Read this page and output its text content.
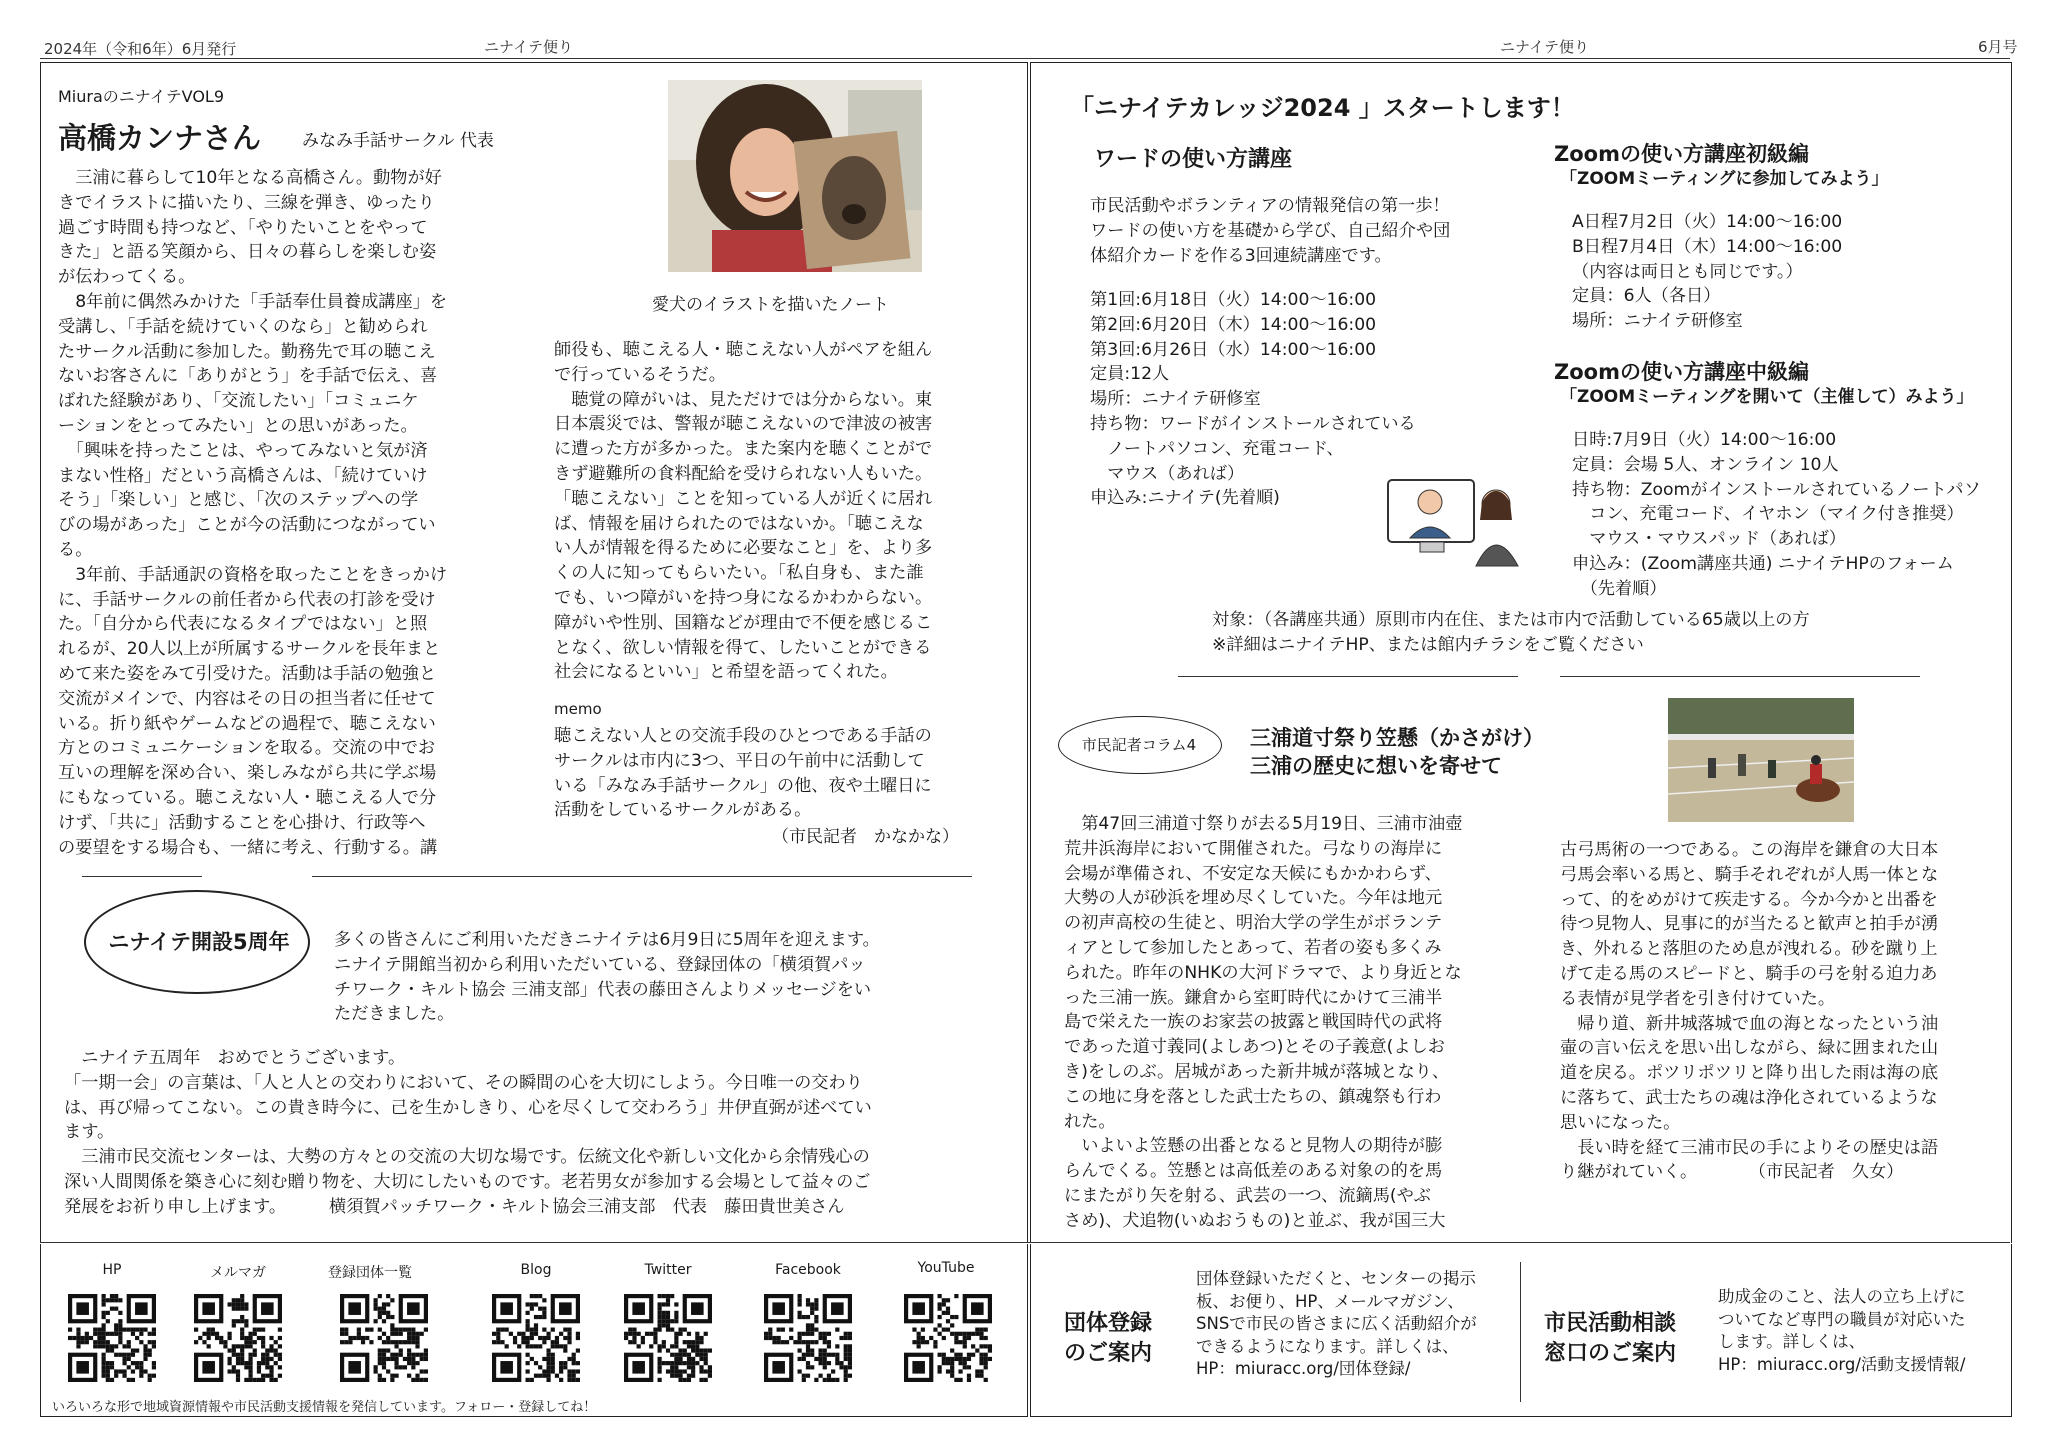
2024年（令和6年）6月発行	ニナイテ便り	ニナイテ便り	6月号
MiuraのニナイテVOL9
高橋カンナさん みなみ手話サークル 代表
愛犬のイラストを描いたノート

　三浦に暮らして10年となる高橋さん。動物が好
きでイラストに描いたり、三線を弾き、ゆったり
過ごす時間も持つなど、「やりたいことをやって
きた」と語る笑顔から、日々の暮らしを楽しむ姿
が伝わってくる。
　8年前に偶然みかけた「手話奉仕員養成講座」を
受講し、「手話を続けていくのなら」と勧められ
たサークル活動に参加した。勤務先で耳の聴こえ
ないお客さんに「ありがとう」を手話で伝え、喜
ばれた経験があり、「交流したい」「コミュニケ
ーションをとってみたい」との思いがあった。
　「興味を持ったことは、やってみないと気が済
まない性格」だという高橋さんは、「続けていけ
そう」「楽しい」と感じ、「次のステップへの学
びの場があった」ことが今の活動につながってい
る。
　3年前、手話通訳の資格を取ったことをきっかけ
に、手話サークルの前任者から代表の打診を受け
た。「自分から代表になるタイプではない」と照
れるが、20人以上が所属するサークルを長年まと
めて来た姿をみて引受けた。活動は手話の勉強と
交流がメインで、内容はその日の担当者に任せて
いる。折り紙やゲームなどの過程で、聴こえない
方とのコミュニケーションを取る。交流の中でお
互いの理解を深め合い、楽しみながら共に学ぶ場
にもなっている。聴こえない人・聴こえる人で分
けず、「共に」活動することを心掛け、行政等へ
の要望をする場合も、一緒に考え、行動する。講

師役も、聴こえる人・聴こえない人がペアを組ん
で行っているそうだ。
　聴覚の障がいは、見ただけでは分からない。東
日本震災では、警報が聴こえないので津波の被害
に遭った方が多かった。また案内を聴くことがで
きず避難所の食料配給を受けられない人もいた。
「聴こえない」ことを知っている人が近くに居れ
ば、情報を届けられたのではないか。「聴こえな
い人が情報を得るために必要なこと」を、より多
くの人に知ってもらいたい。「私自身も、また誰
でも、いつ障がいを持つ身になるかわからない。
障がいや性別、国籍などが理由で不便を感じるこ
となく、欲しい情報を得て、したいことができる
社会になるといい」と希望を語ってくれた。

memo

聴こえない人との交流手段のひとつである手話の
サークルは市内に3つ、平日の午前中に活動して
いる「みなみ手話サークル」の他、夜や土曜日に
活動をしているサークルがある。

（市民記者　かなかな）
ニナイテ開設5周年	多くの皆さんにご利用いただきニナイテは6月9日に5周年を迎えます。
ニナイテ開館当初から利用いただいている、登録団体の「横須賀パッ
チワーク・キルト協会 三浦支部」代表の藤田さんよりメッセージをい
ただきました。

　ニナイテ五周年　おめでとうございます。
「一期一会」の言葉は、「人と人との交わりにおいて、その瞬間の心を大切にしよう。今日唯一の交わり
は、再び帰ってこない。この貴き時今に、己を生かしきり、心を尽くして交わろう」井伊直弼が述べてい
ます。
　三浦市民交流センターは、大勢の方々との交流の大切な場です。伝統文化や新しい文化から余情残心の
深い人間関係を築き心に刻む贈り物を、大切にしたいものです。老若男女が参加する会場として益々のご
発展をお祈り申し上げます。　　　横須賀パッチワーク・キルト協会三浦支部　代表　藤田貴世美さん

「ニナイテカレッジ2024 」スタートします！
ワードの使い方講座

市民活動やボランティアの情報発信の第一歩！
ワードの使い方を基礎から学び、自己紹介や団
体紹介カードを作る3回連続講座です。

第1回:6月18日（火）14:00～16:00
第2回:6月20日（木）14:00～16:00
第3回:6月26日（水）14:00～16:00
定員:12人
場所：ニナイテ研修室
持ち物：ワードがインストールされている
　ノートパソコン、充電コード、
　マウス（あれば）
申込み:ニナイテ(先着順)

Zoomの使い方講座初級編
「ZOOMミーティングに参加してみよう」

A日程7月2日（火）14:00～16:00
B日程7月4日（木）14:00～16:00
（内容は両日とも同じです。）
定員：6人（各日）
場所：ニナイテ研修室

Zoomの使い方講座中級編
「ZOOMミーティングを開いて（主催して）みよう」

日時:7月9日（火）14:00～16:00
定員：会場 5人、オンライン 10人
持ち物：Zoomがインストールされているノートパソ
　コン、充電コード、イヤホン（マイク付き推奨）
　マウス・マウスパッド（あれば）
申込み：(Zoom講座共通) ニナイテHPのフォーム
　（先着順）

対象：（各講座共通）原則市内在住、または市内で活動している65歳以上の方
※詳細はニナイテHP、または館内チラシをご覧ください

市民記者コラム4	三浦道寸祭り笠懸（かさがけ）
三浦の歴史に想いを寄せて

　第47回三浦道寸祭りが去る5月19日、三浦市油壺
荒井浜海岸において開催された。弓なりの海岸に
会場が準備され、不安定な天候にもかかわらず、
大勢の人が砂浜を埋め尽くしていた。今年は地元
の初声高校の生徒と、明治大学の学生がボランテ
ィアとして参加したとあって、若者の姿も多くみ
られた。昨年のNHKの大河ドラマで、より身近とな
った三浦一族。鎌倉から室町時代にかけて三浦半
島で栄えた一族のお家芸の披露と戦国時代の武将
であった道寸義同(よしあつ)とその子義意(よしお
き)をしのぶ。居城があった新井城が落城となり、
この地に身を落とした武士たちの、鎮魂祭も行わ
れた。
　いよいよ笠懸の出番となると見物人の期待が膨
らんでくる。笠懸とは高低差のある対象の的を馬
にまたがり矢を射る、武芸の一つ、流鏑馬(やぶ
さめ)、犬追物(いぬおうもの)と並ぶ、我が国三大

古弓馬術の一つである。この海岸を鎌倉の大日本
弓馬会率いる馬と、騎手それぞれが人馬一体とな
って、的をめがけて疾走する。今か今かと出番を
待つ見物人、見事に的が当たると歓声と拍手が湧
き、外れると落胆のため息が洩れる。砂を蹴り上
げて走る馬のスピードと、騎手の弓を射る迫力あ
る表情が見学者を引き付けていた。
　帰り道、新井城落城で血の海となったという油
壷の言い伝えを思い出しながら、緑に囲まれた山
道を戻る。ポツリポツリと降り出した雨は海の底
に落ちて、武士たちの魂は浄化されているような
思いになった。
　長い時を経て三浦市民の手によりその歴史は語
り継がれていく。　　　　（市民記者　久女）

HP	メルマガ	登録団体一覧	Blog	Twitter	Facebook	YouTube
いろいろな形で地域資源情報や市民活動支援情報を発信しています。フォロー・登録してね！
団体登録
のご案内

団体登録いただくと、センターの掲示
板、お便り、HP、メールマガジン、
SNSで市民の皆さまに広く活動紹介が
できるようになります。詳しくは、
HP：miuracc.org/団体登録/

市民活動相談
窓口のご案内

助成金のこと、法人の立ち上げに
ついてなど専門の職員が対応いた
します。詳しくは、
HP：miuracc.org/活動支援情報/
